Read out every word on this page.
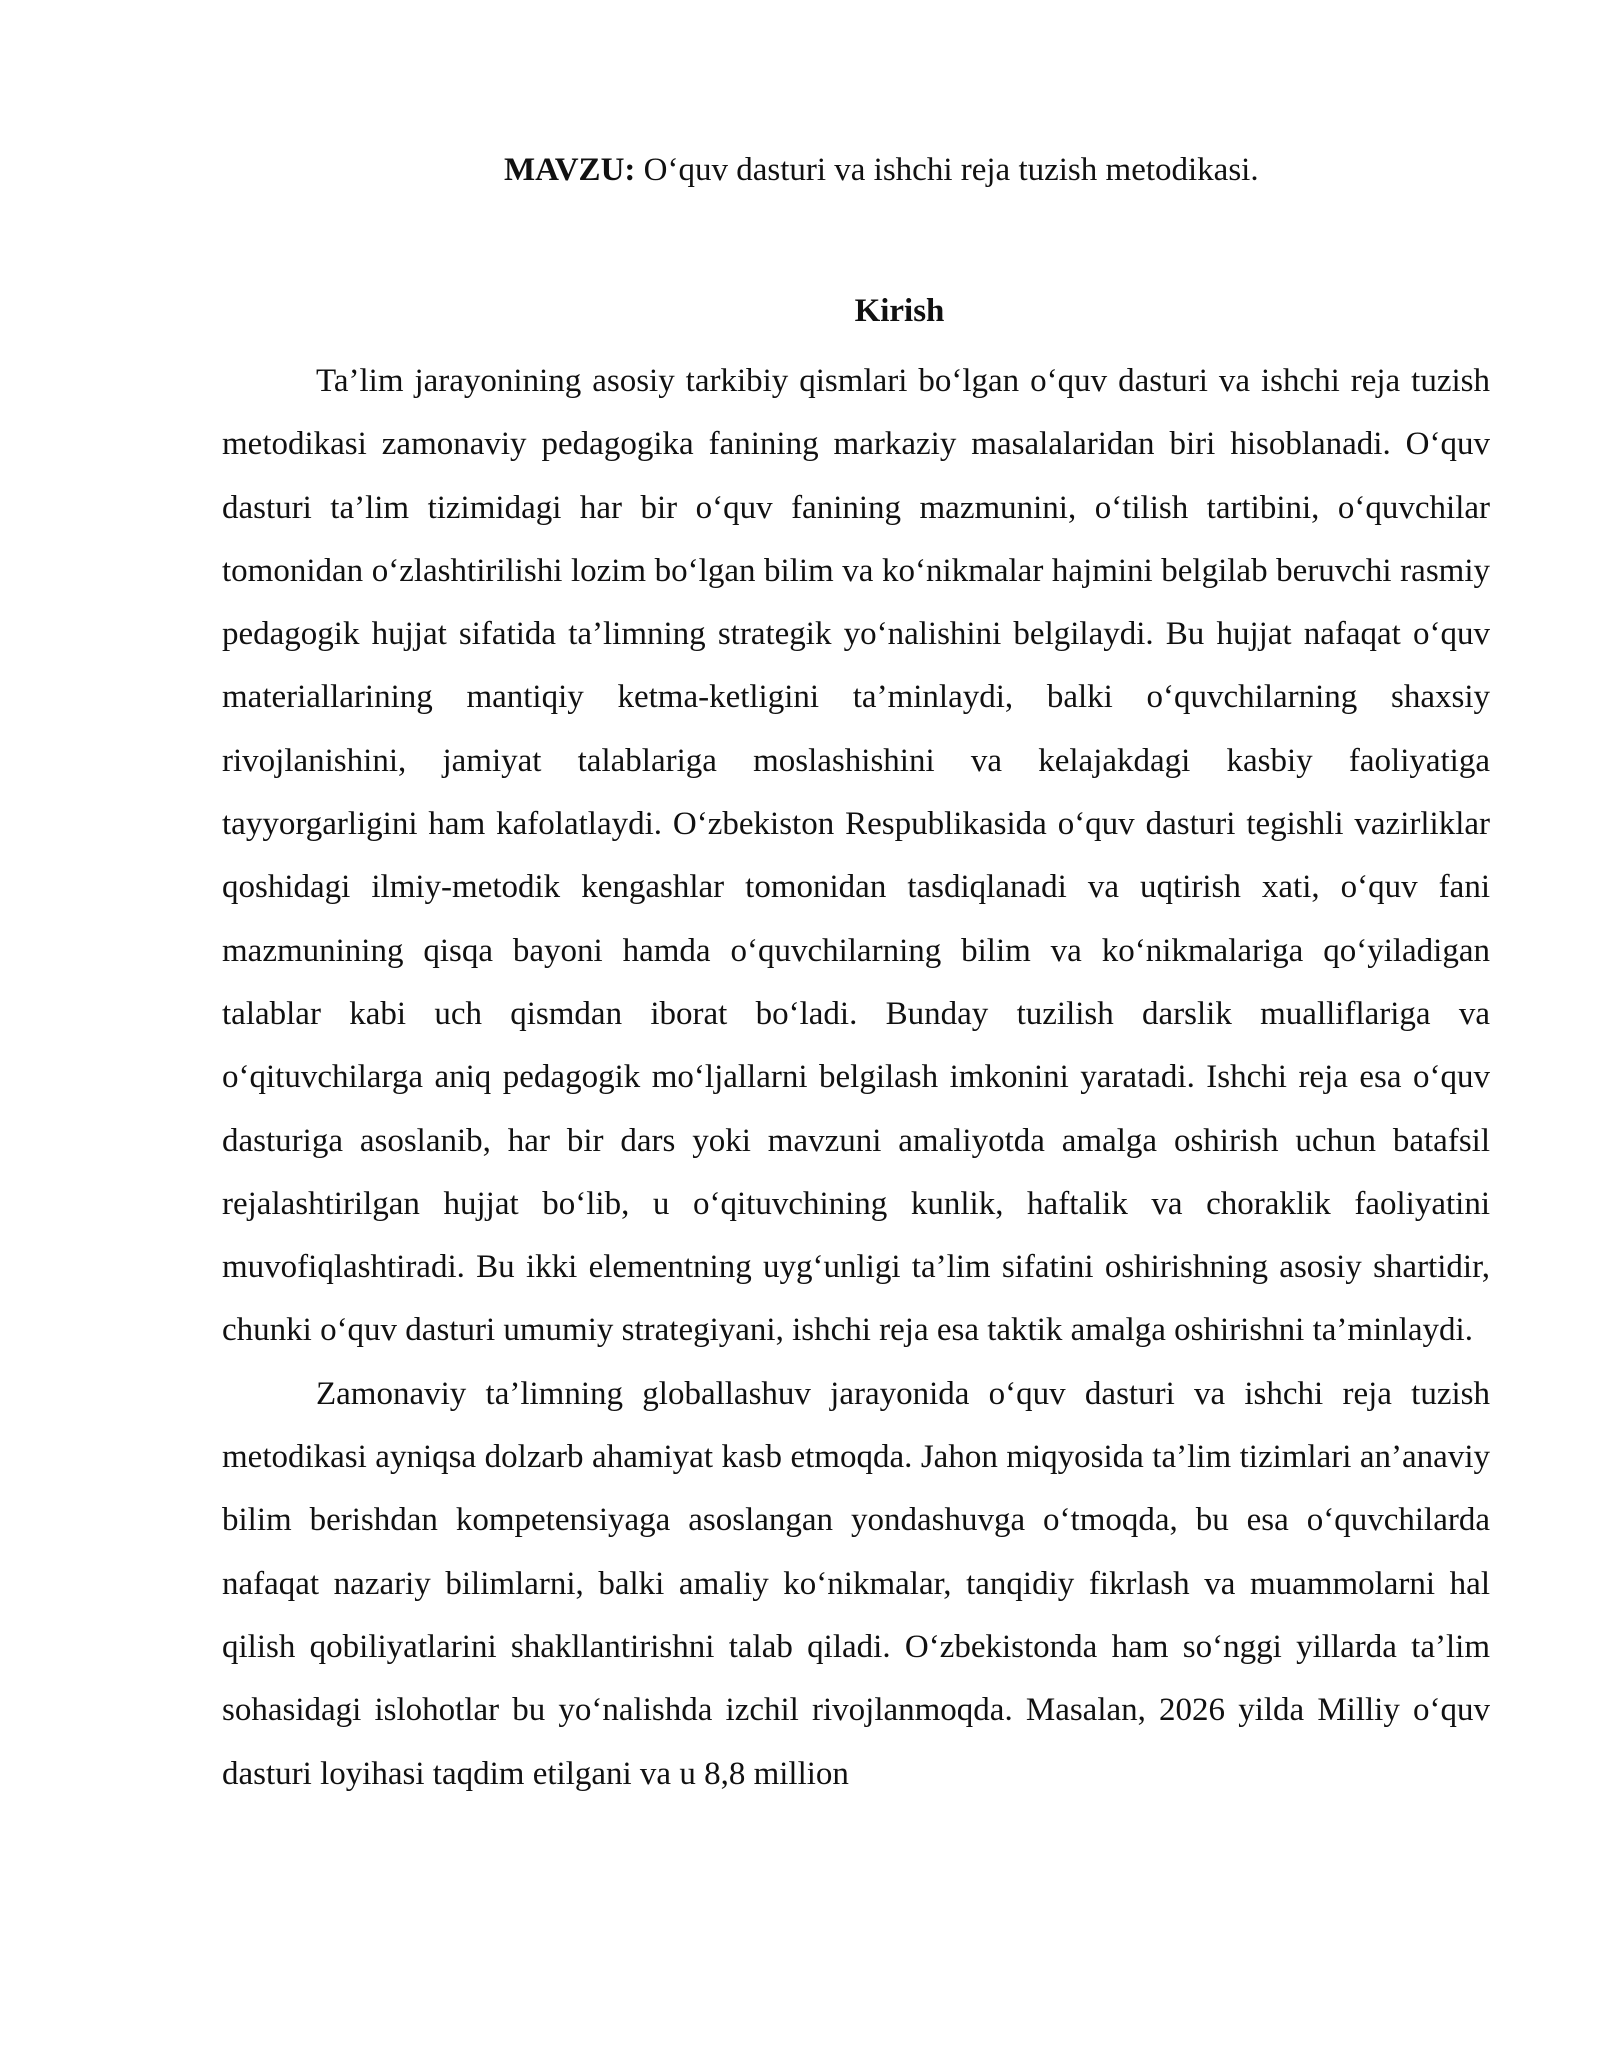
MAVZU: O‘quv dasturi va ishchi reja tuzish metodikasi.
Kirish

Ta’lim jarayonining asosiy tarkibiy qismlari bo‘lgan o‘quv dasturi va ishchi reja tuzish metodikasi zamonaviy pedagogika fanining markaziy masalalaridan biri hisoblanadi. O‘quv dasturi ta’lim tizimidagi har bir o‘quv fanining mazmunini, o‘tilish tartibini, o‘quvchilar tomonidan o‘zlashtirilishi lozim bo‘lgan bilim va ko‘nikmalar hajmini belgilab beruvchi rasmiy pedagogik hujjat sifatida ta’limning strategik yo‘nalishini belgilaydi. Bu hujjat nafaqat o‘quv materiallarining mantiqiy ketma-ketligini ta’minlaydi, balki o‘quvchilarning shaxsiy rivojlanishini, jamiyat talablariga moslashishini va kelajakdagi kasbiy faoliyatiga tayyorgarligini ham kafolatlaydi. O‘zbekiston Respublikasida o‘quv dasturi tegishli vazirliklar qoshidagi ilmiy-metodik kengashlar tomonidan tasdiqlanadi va uqtirish xati, o‘quv fani mazmunining qisqa bayoni hamda o‘quvchilarning bilim va ko‘nikmalariga qo‘yiladigan talablar kabi uch qismdan iborat bo‘ladi. Bunday tuzilish darslik mualliflariga va o‘qituvchilarga aniq pedagogik mo‘ljallarni belgilash imkonini yaratadi. Ishchi reja esa o‘quv dasturiga asoslanib, har bir dars yoki mavzuni amaliyotda amalga oshirish uchun batafsil rejalashtirilgan hujjat bo‘lib, u o‘qituvchining kunlik, haftalik va choraklik faoliyatini muvofiqlashtiradi. Bu ikki elementning uyg‘unligi ta’lim sifatini oshirishning asosiy shartidir, chunki o‘quv dasturi umumiy strategiyani, ishchi reja esa taktik amalga oshirishni ta’minlaydi.

Zamonaviy ta’limning globallashuv jarayonida o‘quv dasturi va ishchi reja tuzish metodikasi ayniqsa dolzarb ahamiyat kasb etmoqda. Jahon miqyosida ta’lim tizimlari an’anaviy bilim berishdan kompetensiyaga asoslangan yondashuvga o‘tmoqda, bu esa o‘quvchilarda nafaqat nazariy bilimlarni, balki amaliy ko‘nikmalar, tanqidiy fikrlash va muammolarni hal qilish qobiliyatlarini shakllantirishni talab qiladi. O‘zbekistonda ham so‘nggi yillarda ta’lim sohasidagi islohotlar bu yo‘nalishda izchil rivojlanmoqda. Masalan, 2026 yilda Milliy o‘quv dasturi loyihasi taqdim etilgani va u 8,8 million
